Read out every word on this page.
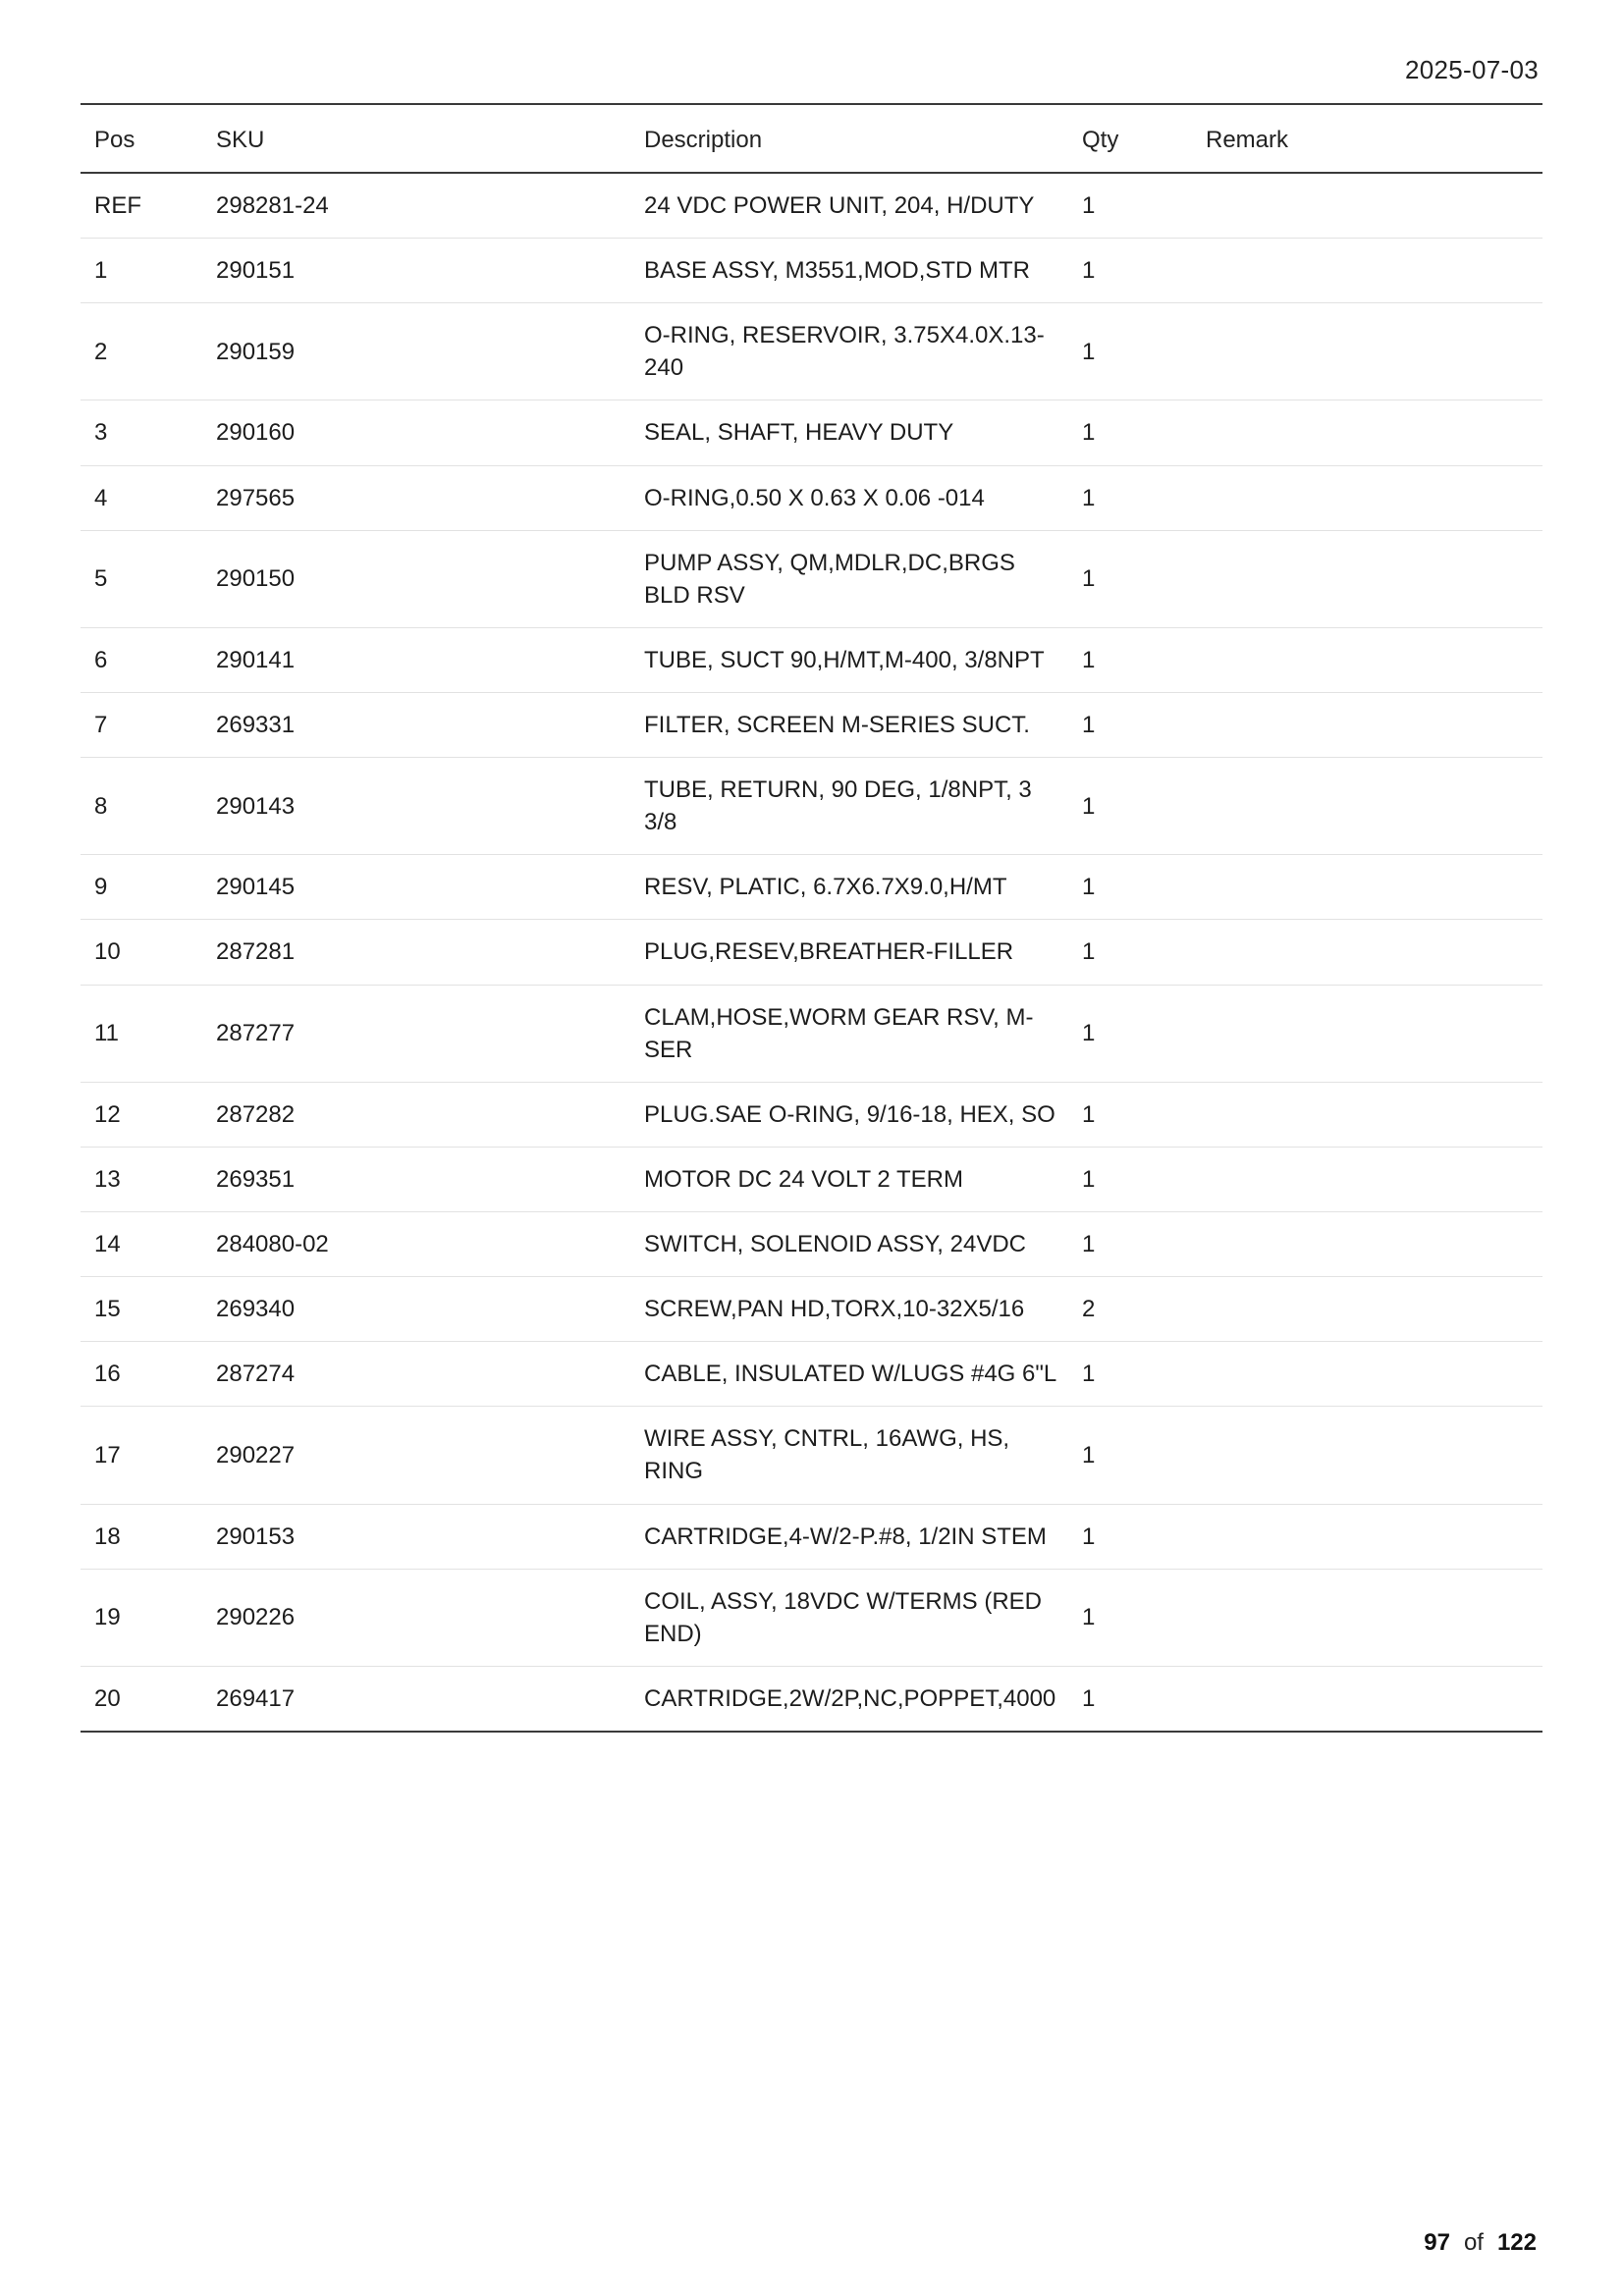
2025-07-03
Pos	SKU	Description	Qty	Remark
REF	298281-24	24 VDC POWER UNIT, 204, H/DUTY	1	
1	290151	BASE ASSY, M3551,MOD,STD MTR	1	
2	290159	O-RING, RESERVOIR, 3.75X4.0X.13-240	1	
3	290160	SEAL, SHAFT, HEAVY DUTY	1	
4	297565	O-RING,0.50 X 0.63 X 0.06 -014	1	
5	290150	PUMP ASSY, QM,MDLR,DC,BRGS BLD RSV	1	
6	290141	TUBE, SUCT 90,H/MT,M-400, 3/8NPT	1	
7	269331	FILTER, SCREEN M-SERIES SUCT.	1	
8	290143	TUBE, RETURN, 90 DEG, 1/8NPT, 3 3/8	1	
9	290145	RESV, PLATIC, 6.7X6.7X9.0,H/MT	1	
10	287281	PLUG,RESEV,BREATHER-FILLER	1	
11	287277	CLAM,HOSE,WORM GEAR RSV, M-SER	1	
12	287282	PLUG.SAE O-RING, 9/16-18, HEX, SO	1	
13	269351	MOTOR DC 24 VOLT 2 TERM	1	
14	284080-02	SWITCH, SOLENOID ASSY, 24VDC	1	
15	269340	SCREW,PAN HD,TORX,10-32X5/16	2	
16	287274	CABLE, INSULATED W/LUGS #4G 6"L	1	
17	290227	WIRE ASSY, CNTRL, 16AWG, HS, RING	1	
18	290153	CARTRIDGE,4-W/2-P.#8, 1/2IN STEM	1	
19	290226	COIL, ASSY, 18VDC W/TERMS (RED END)	1	
20	269417	CARTRIDGE,2W/2P,NC,POPPET,4000	1	
97 of 122
